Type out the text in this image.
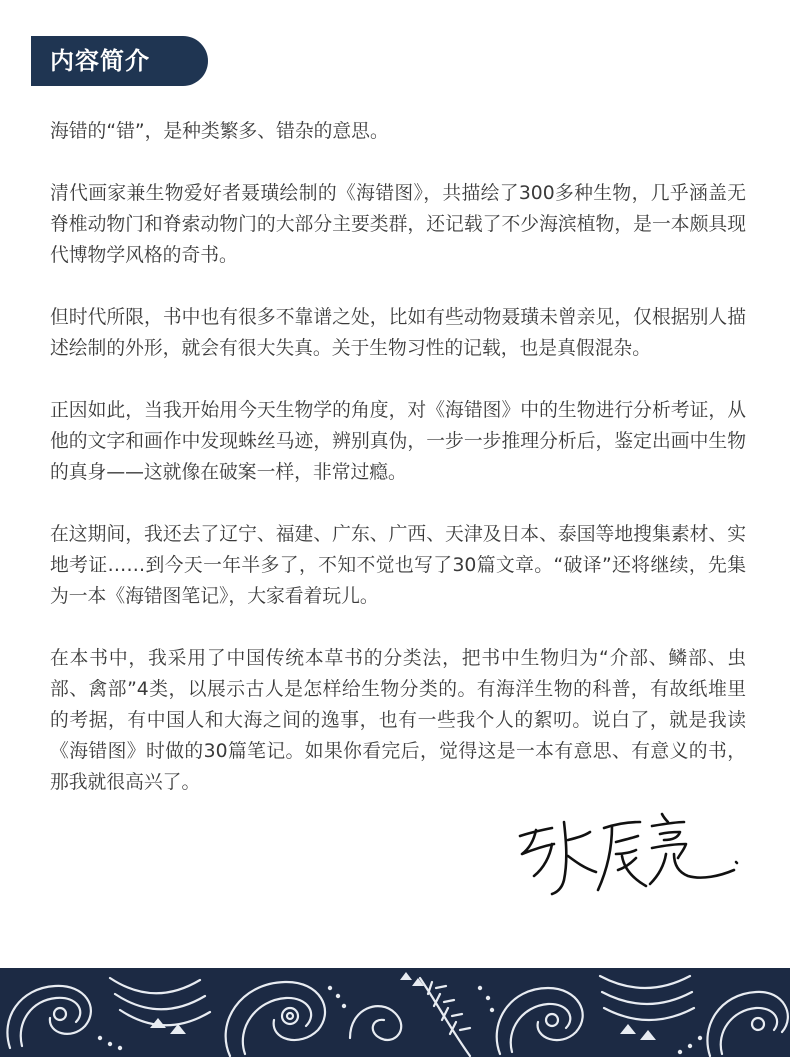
内容简介

海错的“错”，是种类繁多、错杂的意思。

清代画家兼生物爱好者聂璜绘制的《海错图》，共描绘了300多种生物，几乎涵盖无脊椎动物门和脊索动物门的大部分主要类群，还记载了不少海滨植物，是一本颇具现代博物学风格的奇书。

但时代所限，书中也有很多不靠谱之处，比如有些动物聂璜未曾亲见，仅根据别人描述绘制的外形，就会有很大失真。关于生物习性的记载，也是真假混杂。

正因如此，当我开始用今天生物学的角度，对《海错图》中的生物进行分析考证，从他的文字和画作中发现蛛丝马迹，辨别真伪，一步一步推理分析后，鉴定出画中生物的真身——这就像在破案一样，非常过瘾。

在这期间，我还去了辽宁、福建、广东、广西、天津及日本、泰国等地搜集素材、实地考证……到今天一年半多了，不知不觉也写了30篇文章。“破译”还将继续，先集为一本《海错图笔记》，大家看着玩儿。

在本书中，我采用了中国传统本草书的分类法，把书中生物归为“介部、鳞部、虫部、禽部”4类，以展示古人是怎样给生物分类的。有海洋生物的科普，有故纸堆里的考据，有中国人和大海之间的逸事，也有一些我个人的絮叨。说白了，就是我读《海错图》时做的30篇笔记。如果你看完后，觉得这是一本有意思、有意义的书，那我就很高兴了。
